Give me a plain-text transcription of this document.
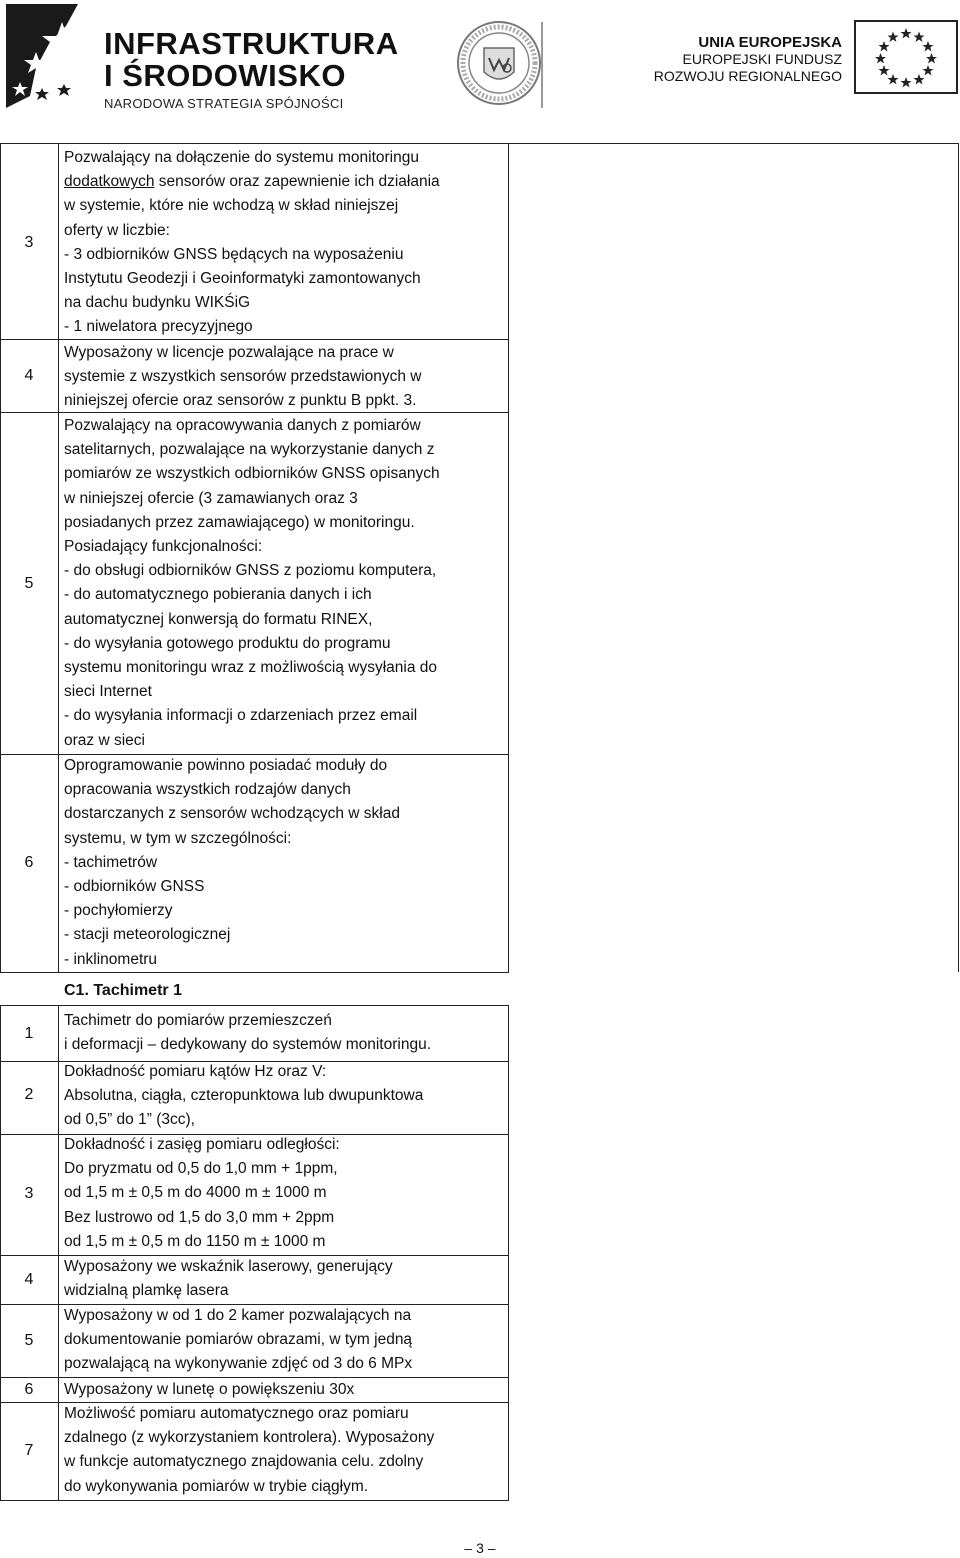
INFRASTRUKTURA
I ŚRODOWISKO
NARODOWA STRATEGIA SPÓJNOŚCI
UNIA EUROPEJSKA
EUROPEJSKI FUNDUSZ
ROZWOJU REGIONALNEGO
3
Pozwalający na dołączenie do systemu monitoringu
dodatkowych sensorów oraz zapewnienie ich działania
w systemie, które nie wchodzą w skład niniejszej
oferty w liczbie:
- 3 odbiorników GNSS będących na wyposażeniu
Instytutu Geodezji i Geoinformatyki zamontowanych
na dachu budynku WIKŚiG
- 1 niwelatora precyzyjnego
4
Wyposażony w licencje pozwalające na prace w
systemie z wszystkich sensorów przedstawionych w
niniejszej ofercie oraz sensorów z punktu B ppkt. 3.
5
Pozwalający na opracowywania danych z pomiarów
satelitarnych, pozwalające na wykorzystanie danych z
pomiarów ze wszystkich odbiorników GNSS opisanych
w niniejszej ofercie (3 zamawianych oraz 3
posiadanych przez zamawiającego) w monitoringu.
Posiadający funkcjonalności:
- do obsługi odbiorników GNSS z poziomu komputera,
- do automatycznego pobierania danych i ich
automatycznej konwersją do formatu RINEX,
- do wysyłania gotowego produktu do programu
systemu monitoringu wraz z możliwością wysyłania do
sieci Internet
- do wysyłania informacji o zdarzeniach przez email
oraz w sieci
6
Oprogramowanie powinno posiadać moduły do
opracowania wszystkich rodzajów danych
dostarczanych z sensorów wchodzących w skład
systemu, w tym w szczególności:
- tachimetrów
- odbiorników GNSS
- pochyłomierzy
- stacji meteorologicznej
- inklinometru
C1. Tachimetr 1
1
Tachimetr do pomiarów przemieszczeń
i deformacji – dedykowany do systemów monitoringu.
2
Dokładność pomiaru kątów Hz oraz V:
Absolutna, ciągła, czteropunktowa lub dwupunktowa
od 0,5” do 1” (3cc),
3
Dokładność i zasięg pomiaru odległości:
Do pryzmatu od 0,5 do 1,0 mm + 1ppm,
od 1,5 m ± 0,5 m do 4000 m ± 1000 m
Bez lustrowo od 1,5 do 3,0 mm + 2ppm
od 1,5 m ± 0,5 m do 1150 m ± 1000 m
4
Wyposażony we wskaźnik laserowy, generujący
widzialną plamkę lasera
5
Wyposażony w od 1 do 2 kamer pozwalających na
dokumentowanie pomiarów obrazami, w tym jedną
pozwalającą na wykonywanie zdjęć od 3 do 6 MPx
6	Wyposażony w lunetę o powiększeniu 30x
7
Możliwość pomiaru automatycznego oraz pomiaru
zdalnego (z wykorzystaniem kontrolera). Wyposażony
w funkcje automatycznego znajdowania celu. zdolny
do wykonywania pomiarów w trybie ciągłym.
– 3 –
